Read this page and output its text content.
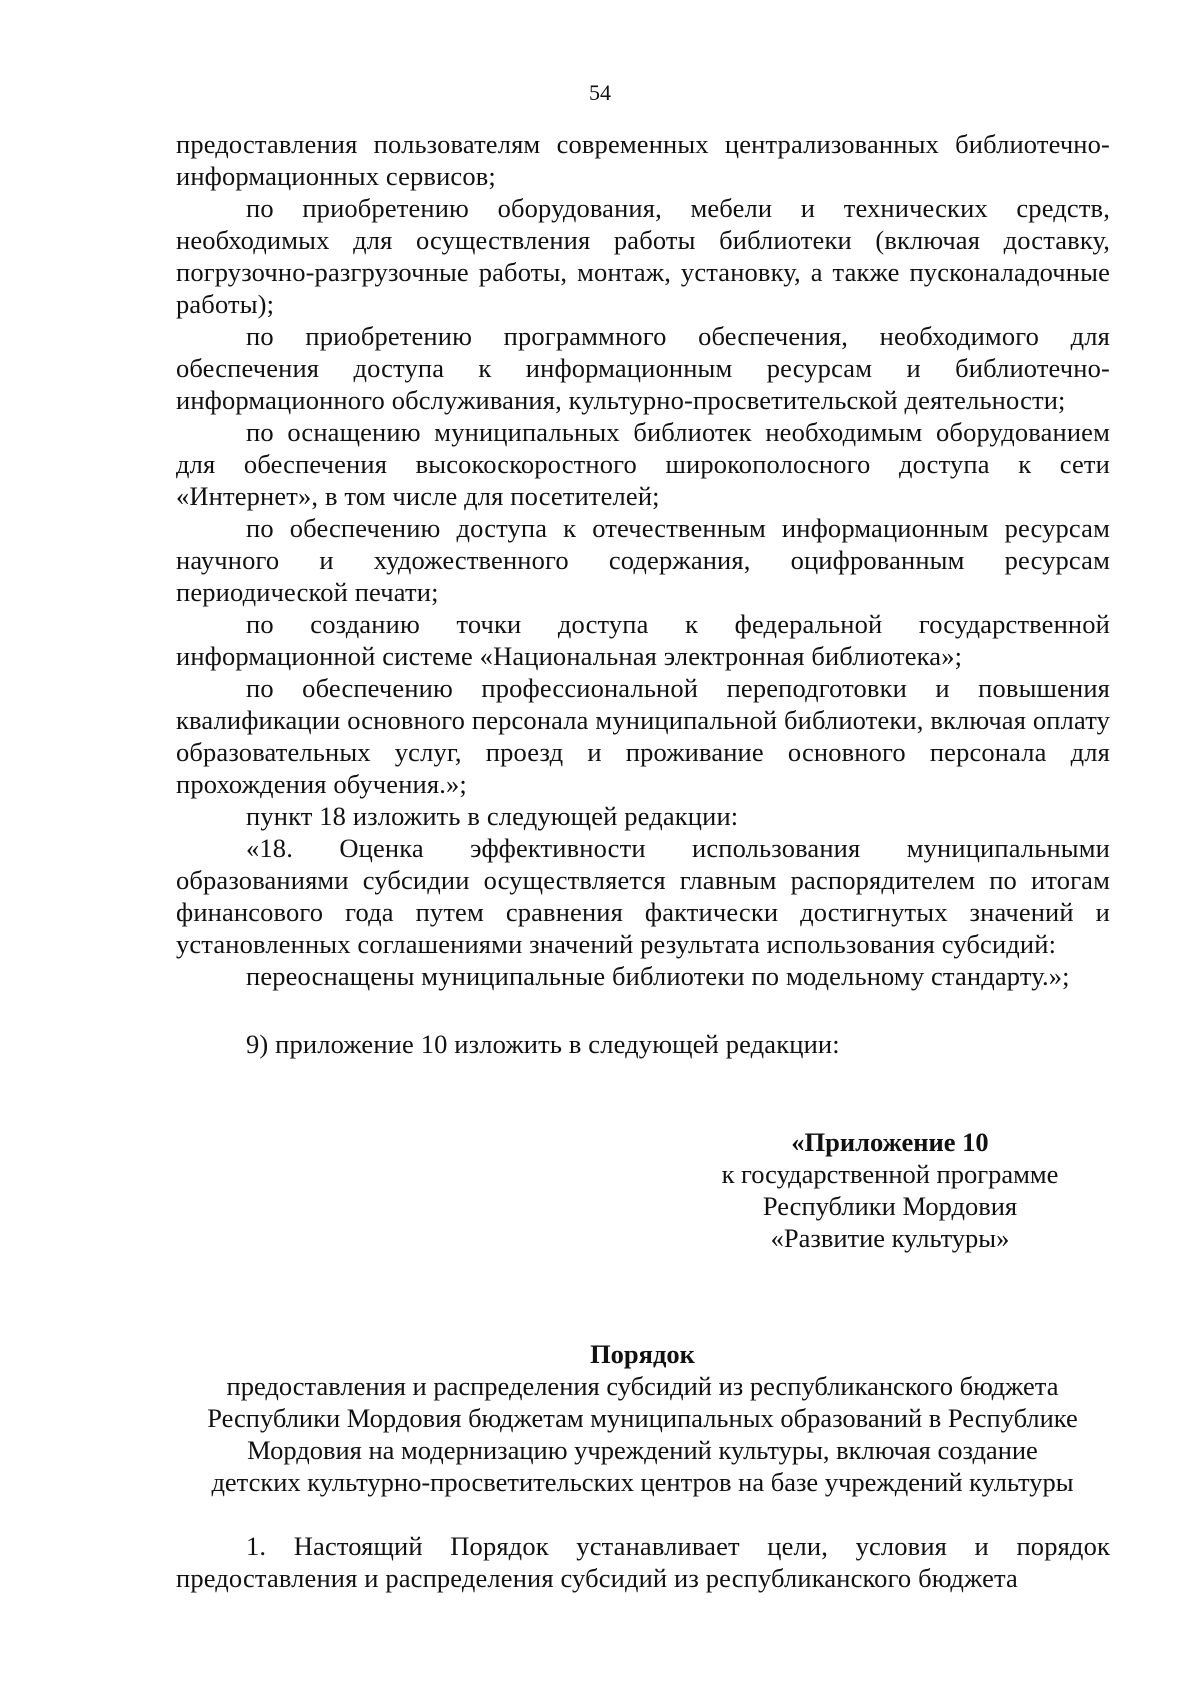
54

предоставления пользователям современных централизованных библиотечно-информационных сервисов;

по приобретению оборудования, мебели и технических средств, необходимых для осуществления работы библиотеки (включая доставку, погрузочно-разгрузочные работы, монтаж, установку, а также пусконаладочные работы);

по приобретению программного обеспечения, необходимого для обеспечения доступа к информационным ресурсам и библиотечно-информационного обслуживания, культурно-просветительской деятельности;

по оснащению муниципальных библиотек необходимым оборудованием для обеспечения высокоскоростного широкополосного доступа к сети «Интернет», в том числе для посетителей;

по обеспечению доступа к отечественным информационным ресурсам научного и художественного содержания, оцифрованным ресурсам периодической печати;

по созданию точки доступа к федеральной государственной информационной системе «Национальная электронная библиотека»;

по обеспечению профессиональной переподготовки и повышения квалификации основного персонала муниципальной библиотеки, включая оплату образовательных услуг, проезд и проживание основного персонала для прохождения обучения.»;

пункт 18 изложить в следующей редакции:

«18. Оценка эффективности использования муниципальными образованиями субсидии осуществляется главным распорядителем по итогам финансового года путем сравнения фактически достигнутых значений и установленных соглашениями значений результата использования субсидий:

переоснащены муниципальные библиотеки по модельному стандарту.»;

9) приложение 10 изложить в следующей редакции:

«Приложение 10
к государственной программе
Республики Мордовия
«Развитие культуры»
Порядок
предоставления и распределения субсидий из республиканского бюджета
Республики Мордовия бюджетам муниципальных образований в Республике
Мордовия на модернизацию учреждений культуры, включая создание
детских культурно-просветительских центров на базе учреждений культуры

1. Настоящий Порядок устанавливает цели, условия и порядок предоставления и распределения субсидий из республиканского бюджета
